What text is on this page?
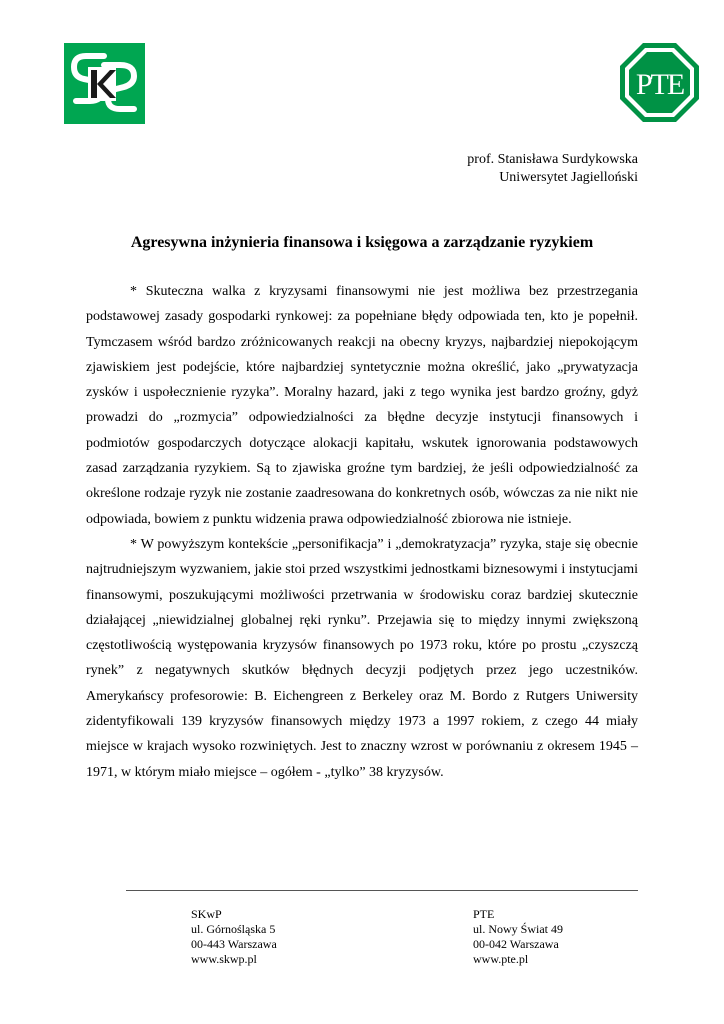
PTE
prof. Stanisława Surdykowska
Uniwersytet Jagielloński
Agresywna inżynieria finansowa i księgowa a zarządzanie ryzykiem

* Skuteczna walka z kryzysami finansowymi nie jest możliwa bez przestrzegania podstawowej zasady gospodarki rynkowej: za popełniane błędy odpowiada ten, kto je popełnił. Tymczasem wśród bardzo zróżnicowanych reakcji na obecny kryzys, najbardziej niepokojącym zjawiskiem jest podejście, które najbardziej syntetycznie można określić, jako „prywatyzacja zysków i uspołecznienie ryzyka”. Moralny hazard, jaki z tego wynika jest bardzo groźny, gdyż prowadzi do „rozmycia” odpowiedzialności za błędne decyzje instytucji finansowych i podmiotów gospodarczych dotyczące alokacji kapitału, wskutek ignorowania podstawowych zasad zarządzania ryzykiem. Są to zjawiska groźne tym bardziej, że jeśli odpowiedzialność za określone rodzaje ryzyk nie zostanie zaadresowana do konkretnych osób, wówczas za nie nikt nie odpowiada, bowiem z punktu widzenia prawa odpowiedzialność zbiorowa nie istnieje.

* W powyższym kontekście „personifikacja” i „demokratyzacja” ryzyka, staje się obecnie najtrudniejszym wyzwaniem, jakie stoi przed wszystkimi jednostkami biznesowymi i instytucjami finansowymi, poszukującymi możliwości przetrwania w środowisku coraz bardziej skutecznie działającej „niewidzialnej globalnej ręki rynku”. Przejawia się to między innymi zwiększoną częstotliwością występowania kryzysów finansowych po 1973 roku, które po prostu „czyszczą rynek” z negatywnych skutków błędnych decyzji podjętych przez jego uczestników. Amerykańscy profesorowie: B. Eichengreen z Berkeley oraz M. Bordo z Rutgers Uniwersity zidentyfikowali 139 kryzysów finansowych między 1973 a 1997 rokiem, z czego 44 miały miejsce w krajach wysoko rozwiniętych. Jest to znaczny wzrost w porównaniu z okresem 1945 – 1971, w którym miało miejsce – ogółem - „tylko” 38 kryzysów.

SKwP
ul. Górnośląska 5
00-443 Warszawa
www.skwp.pl
PTE
ul. Nowy Świat 49
00-042 Warszawa
www.pte.pl
